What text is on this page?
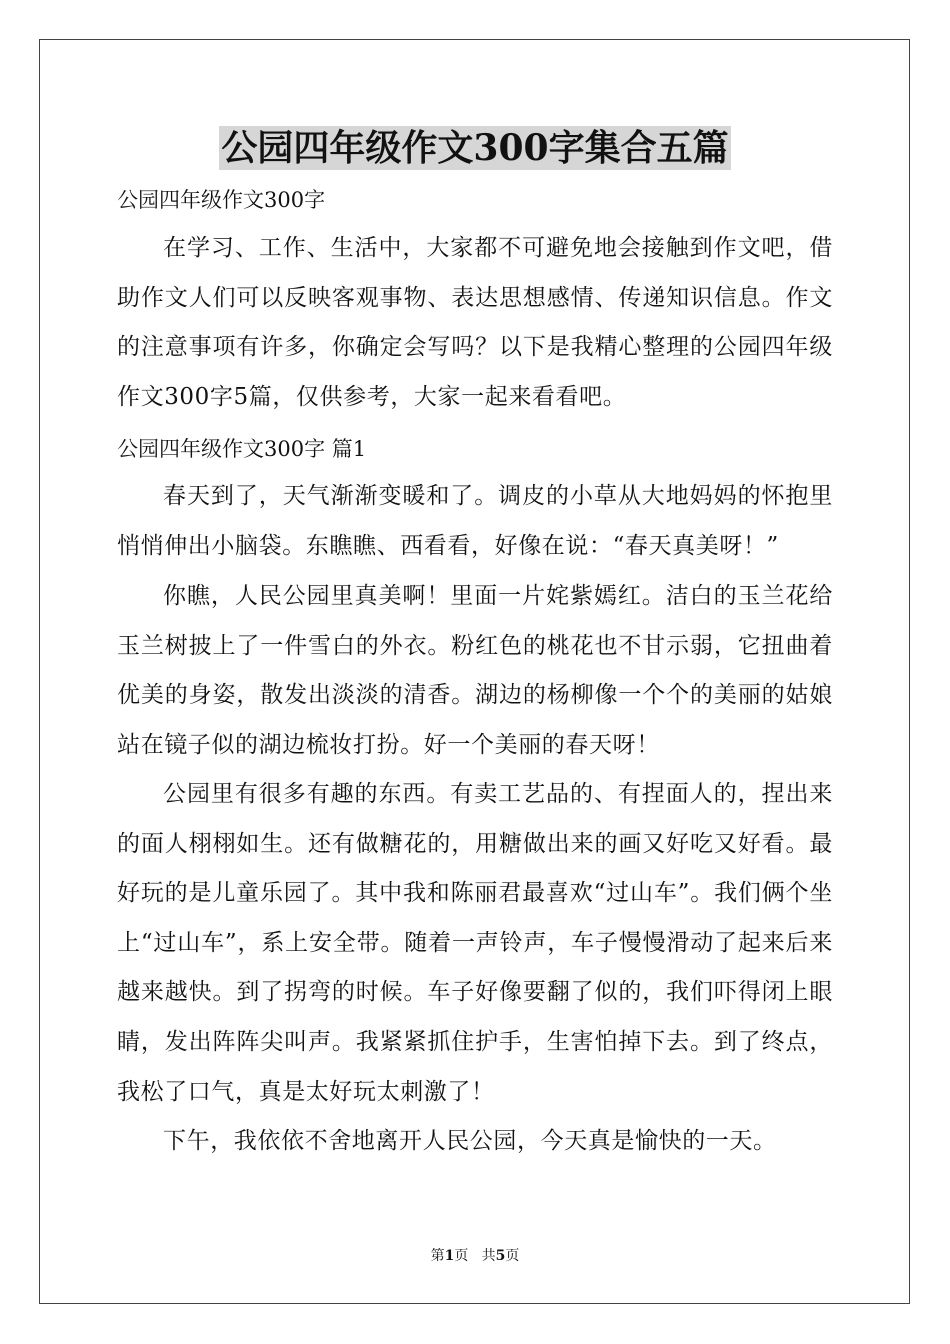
公园四年级作文300字集合五篇
公园四年级作文300字

在学习、工作、生活中，大家都不可避免地会接触到作文吧，借助作文人们可以反映客观事物、表达思想感情、传递知识信息。作文的注意事项有许多，你确定会写吗？以下是我精心整理的公园四年级作文300字5篇，仅供参考，大家一起来看看吧。

公园四年级作文300字 篇1

春天到了，天气渐渐变暖和了。调皮的小草从大地妈妈的怀抱里悄悄伸出小脑袋。东瞧瞧、西看看，好像在说：“春天真美呀！”

你瞧，人民公园里真美啊！里面一片姹紫嫣红。洁白的玉兰花给玉兰树披上了一件雪白的外衣。粉红色的桃花也不甘示弱，它扭曲着优美的身姿，散发出淡淡的清香。湖边的杨柳像一个个的美丽的姑娘站在镜子似的湖边梳妆打扮。好一个美丽的春天呀！

公园里有很多有趣的东西。有卖工艺品的、有捏面人的，捏出来的面人栩栩如生。还有做糖花的，用糖做出来的画又好吃又好看。最好玩的是儿童乐园了。其中我和陈丽君最喜欢“过山车”。我们俩个坐上“过山车”，系上安全带。随着一声铃声，车子慢慢滑动了起来后来越来越快。到了拐弯的时候。车子好像要翻了似的，我们吓得闭上眼睛，发出阵阵尖叫声。我紧紧抓住护手，生害怕掉下去。到了终点，我松了口气，真是太好玩太刺激了！

下午，我依依不舍地离开人民公园，今天真是愉快的一天。

第1页   共5页
